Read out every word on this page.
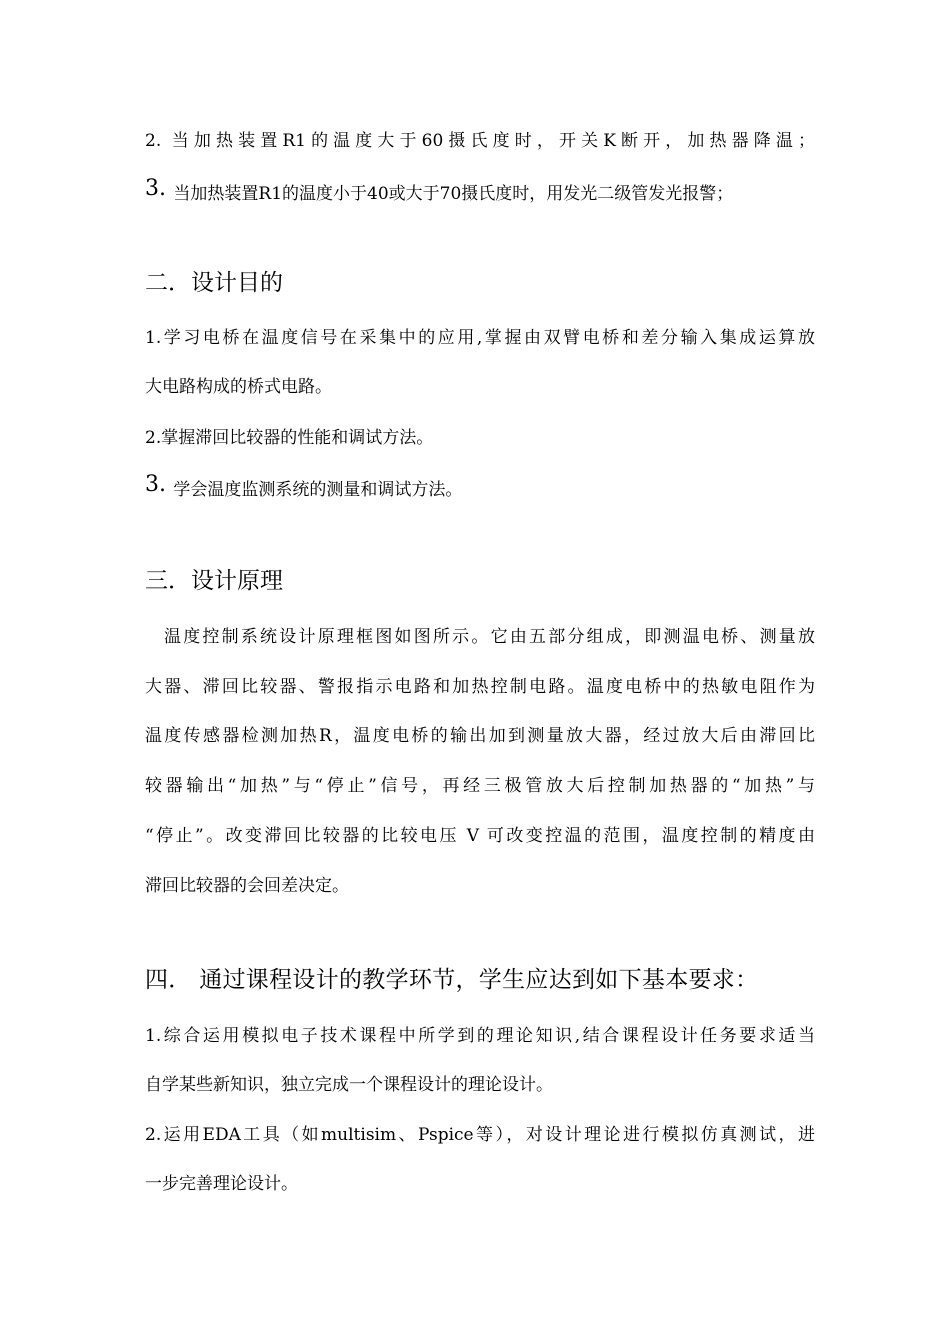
2. 当加热装置R1的温度大于60摄氏度时，开关K断开，加热器降温；
3. 当加热装置R1的温度小于40或大于70摄氏度时，用发光二级管发光报警；
二．设计目的
1.学习电桥在温度信号在采集中的应用,掌握由双臂电桥和差分输入集成运算放
大电路构成的桥式电路。
2.掌握滞回比较器的性能和调试方法。
3. 学会温度监测系统的测量和调试方法。
三．设计原理
温度控制系统设计原理框图如图所示。它由五部分组成，即测温电桥、测量放
大器、滞回比较器、警报指示电路和加热控制电路。温度电桥中的热敏电阻作为
温度传感器检测加热R，温度电桥的输出加到测量放大器，经过放大后由滞回比
较器输出“加热”与“停止”信号，再经三极管放大后控制加热器的“加热”与
“停止”。改变滞回比较器的比较电压 V 可改变控温的范围，温度控制的精度由
滞回比较器的会回差决定。
四． 通过课程设计的教学环节，学生应达到如下基本要求：
1.综合运用模拟电子技术课程中所学到的理论知识,结合课程设计任务要求适当
自学某些新知识，独立完成一个课程设计的理论设计。
2.运用EDA工具（如multisim、Pspice等），对设计理论进行模拟仿真测试，进
一步完善理论设计。
